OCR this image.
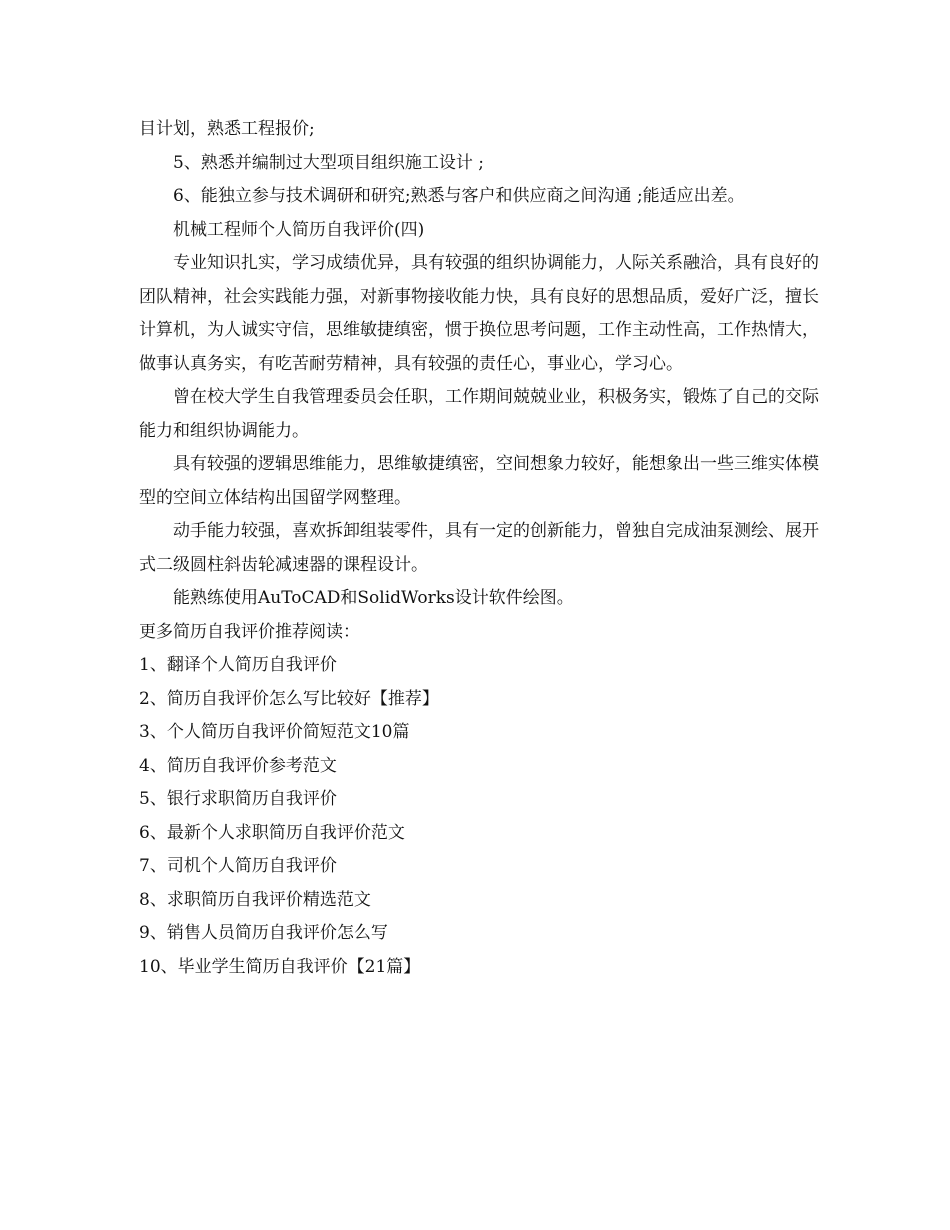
目计划，熟悉工程报价;

5、熟悉并编制过大型项目组织施工设计 ;

6、能独立参与技术调研和研究;熟悉与客户和供应商之间沟通 ;能适应出差。

机械工程师个人简历自我评价(四)

专业知识扎实，学习成绩优异，具有较强的组织协调能力，人际关系融洽，具有良好的团队精神，社会实践能力强，对新事物接收能力快，具有良好的思想品质，爱好广泛，擅长计算机，为人诚实守信，思维敏捷缜密，惯于换位思考问题，工作主动性高，工作热情大，做事认真务实，有吃苦耐劳精神，具有较强的责任心，事业心，学习心。

曾在校大学生自我管理委员会任职，工作期间兢兢业业，积极务实，锻炼了自己的交际能力和组织协调能力。

具有较强的逻辑思维能力，思维敏捷缜密，空间想象力较好，能想象出一些三维实体模型的空间立体结构出国留学网整理。

动手能力较强，喜欢拆卸组装零件，具有一定的创新能力，曾独自完成油泵测绘、展开式二级圆柱斜齿轮减速器的课程设计。

能熟练使用AuToCAD和SolidWorks设计软件绘图。

更多简历自我评价推荐阅读：

1、翻译个人简历自我评价
2、简历自我评价怎么写比较好【推荐】
3、个人简历自我评价简短范文10篇
4、简历自我评价参考范文
5、银行求职简历自我评价
6、最新个人求职简历自我评价范文
7、司机个人简历自我评价
8、求职简历自我评价精选范文
9、销售人员简历自我评价怎么写
10、毕业学生简历自我评价【21篇】
